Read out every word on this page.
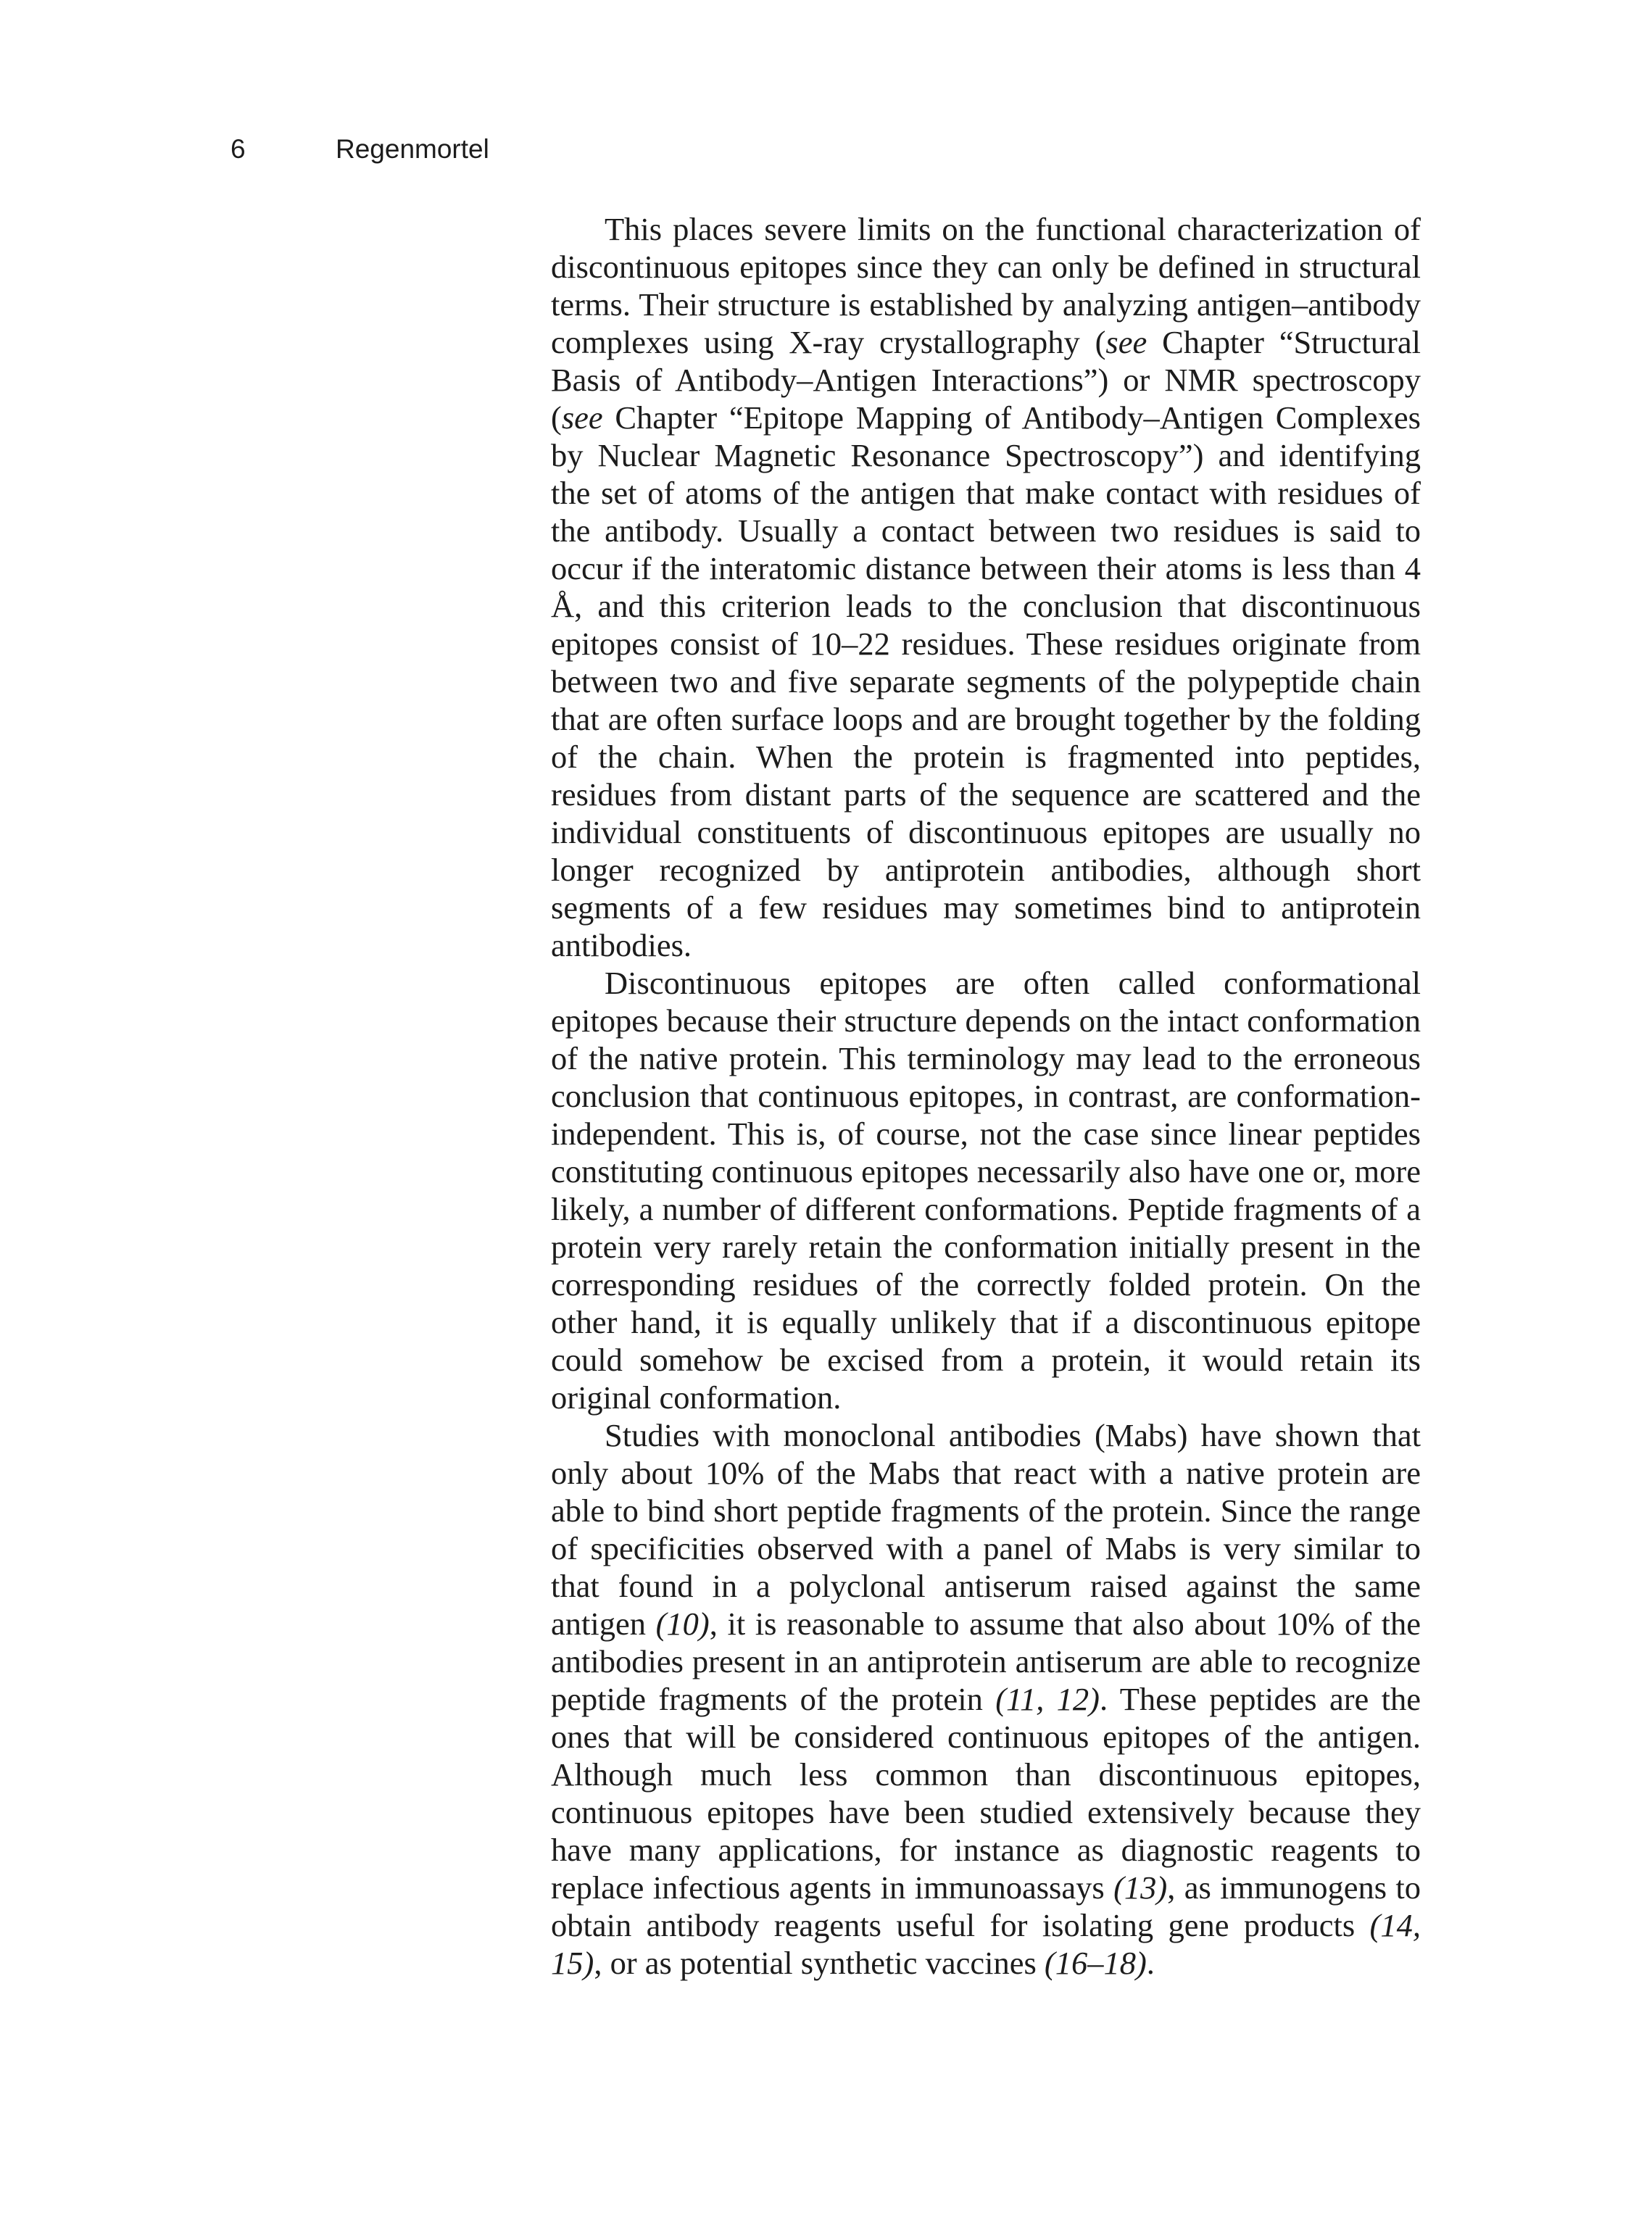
6	Regenmortel

This places severe limits on the functional characterization of discontinuous epitopes since they can only be defined in structural terms. Their structure is established by analyzing antigen–antibody complexes using X-ray crystallography (see Chapter “Structural Basis of Antibody–Antigen Interactions”) or NMR spectroscopy (see Chapter “Epitope Mapping of Antibody–Antigen Complexes by Nuclear Magnetic Resonance Spectroscopy”) and identifying the set of atoms of the antigen that make contact with residues of the antibody. Usually a contact between two residues is said to occur if the interatomic distance between their atoms is less than 4 Å, and this criterion leads to the conclusion that discontinuous epitopes consist of 10–22 residues. These residues originate from between two and five separate segments of the polypeptide chain that are often surface loops and are brought together by the folding of the chain. When the protein is fragmented into peptides, residues from distant parts of the sequence are scattered and the individual constituents of discontinuous epitopes are usually no longer recognized by antiprotein antibodies, although short segments of a few residues may sometimes bind to antiprotein antibodies.

Discontinuous epitopes are often called conformational epitopes because their structure depends on the intact conformation of the native protein. This terminology may lead to the erroneous conclusion that continuous epitopes, in contrast, are conformation-independent. This is, of course, not the case since linear peptides constituting continuous epitopes necessarily also have one or, more likely, a number of different conformations. Peptide fragments of a protein very rarely retain the conformation initially present in the corresponding residues of the correctly folded protein. On the other hand, it is equally unlikely that if a discontinuous epitope could somehow be excised from a protein, it would retain its original conformation.

Studies with monoclonal antibodies (Mabs) have shown that only about 10% of the Mabs that react with a native protein are able to bind short peptide fragments of the protein. Since the range of specificities observed with a panel of Mabs is very similar to that found in a polyclonal antiserum raised against the same antigen (10), it is reasonable to assume that also about 10% of the antibodies present in an antiprotein antiserum are able to recognize peptide fragments of the protein (11, 12). These peptides are the ones that will be considered continuous epitopes of the antigen. Although much less common than discontinuous epitopes, continuous epitopes have been studied extensively because they have many applications, for instance as diagnostic reagents to replace infectious agents in immunoassays (13), as immunogens to obtain antibody reagents useful for isolating gene products (14, 15), or as potential synthetic vaccines (16–18).
